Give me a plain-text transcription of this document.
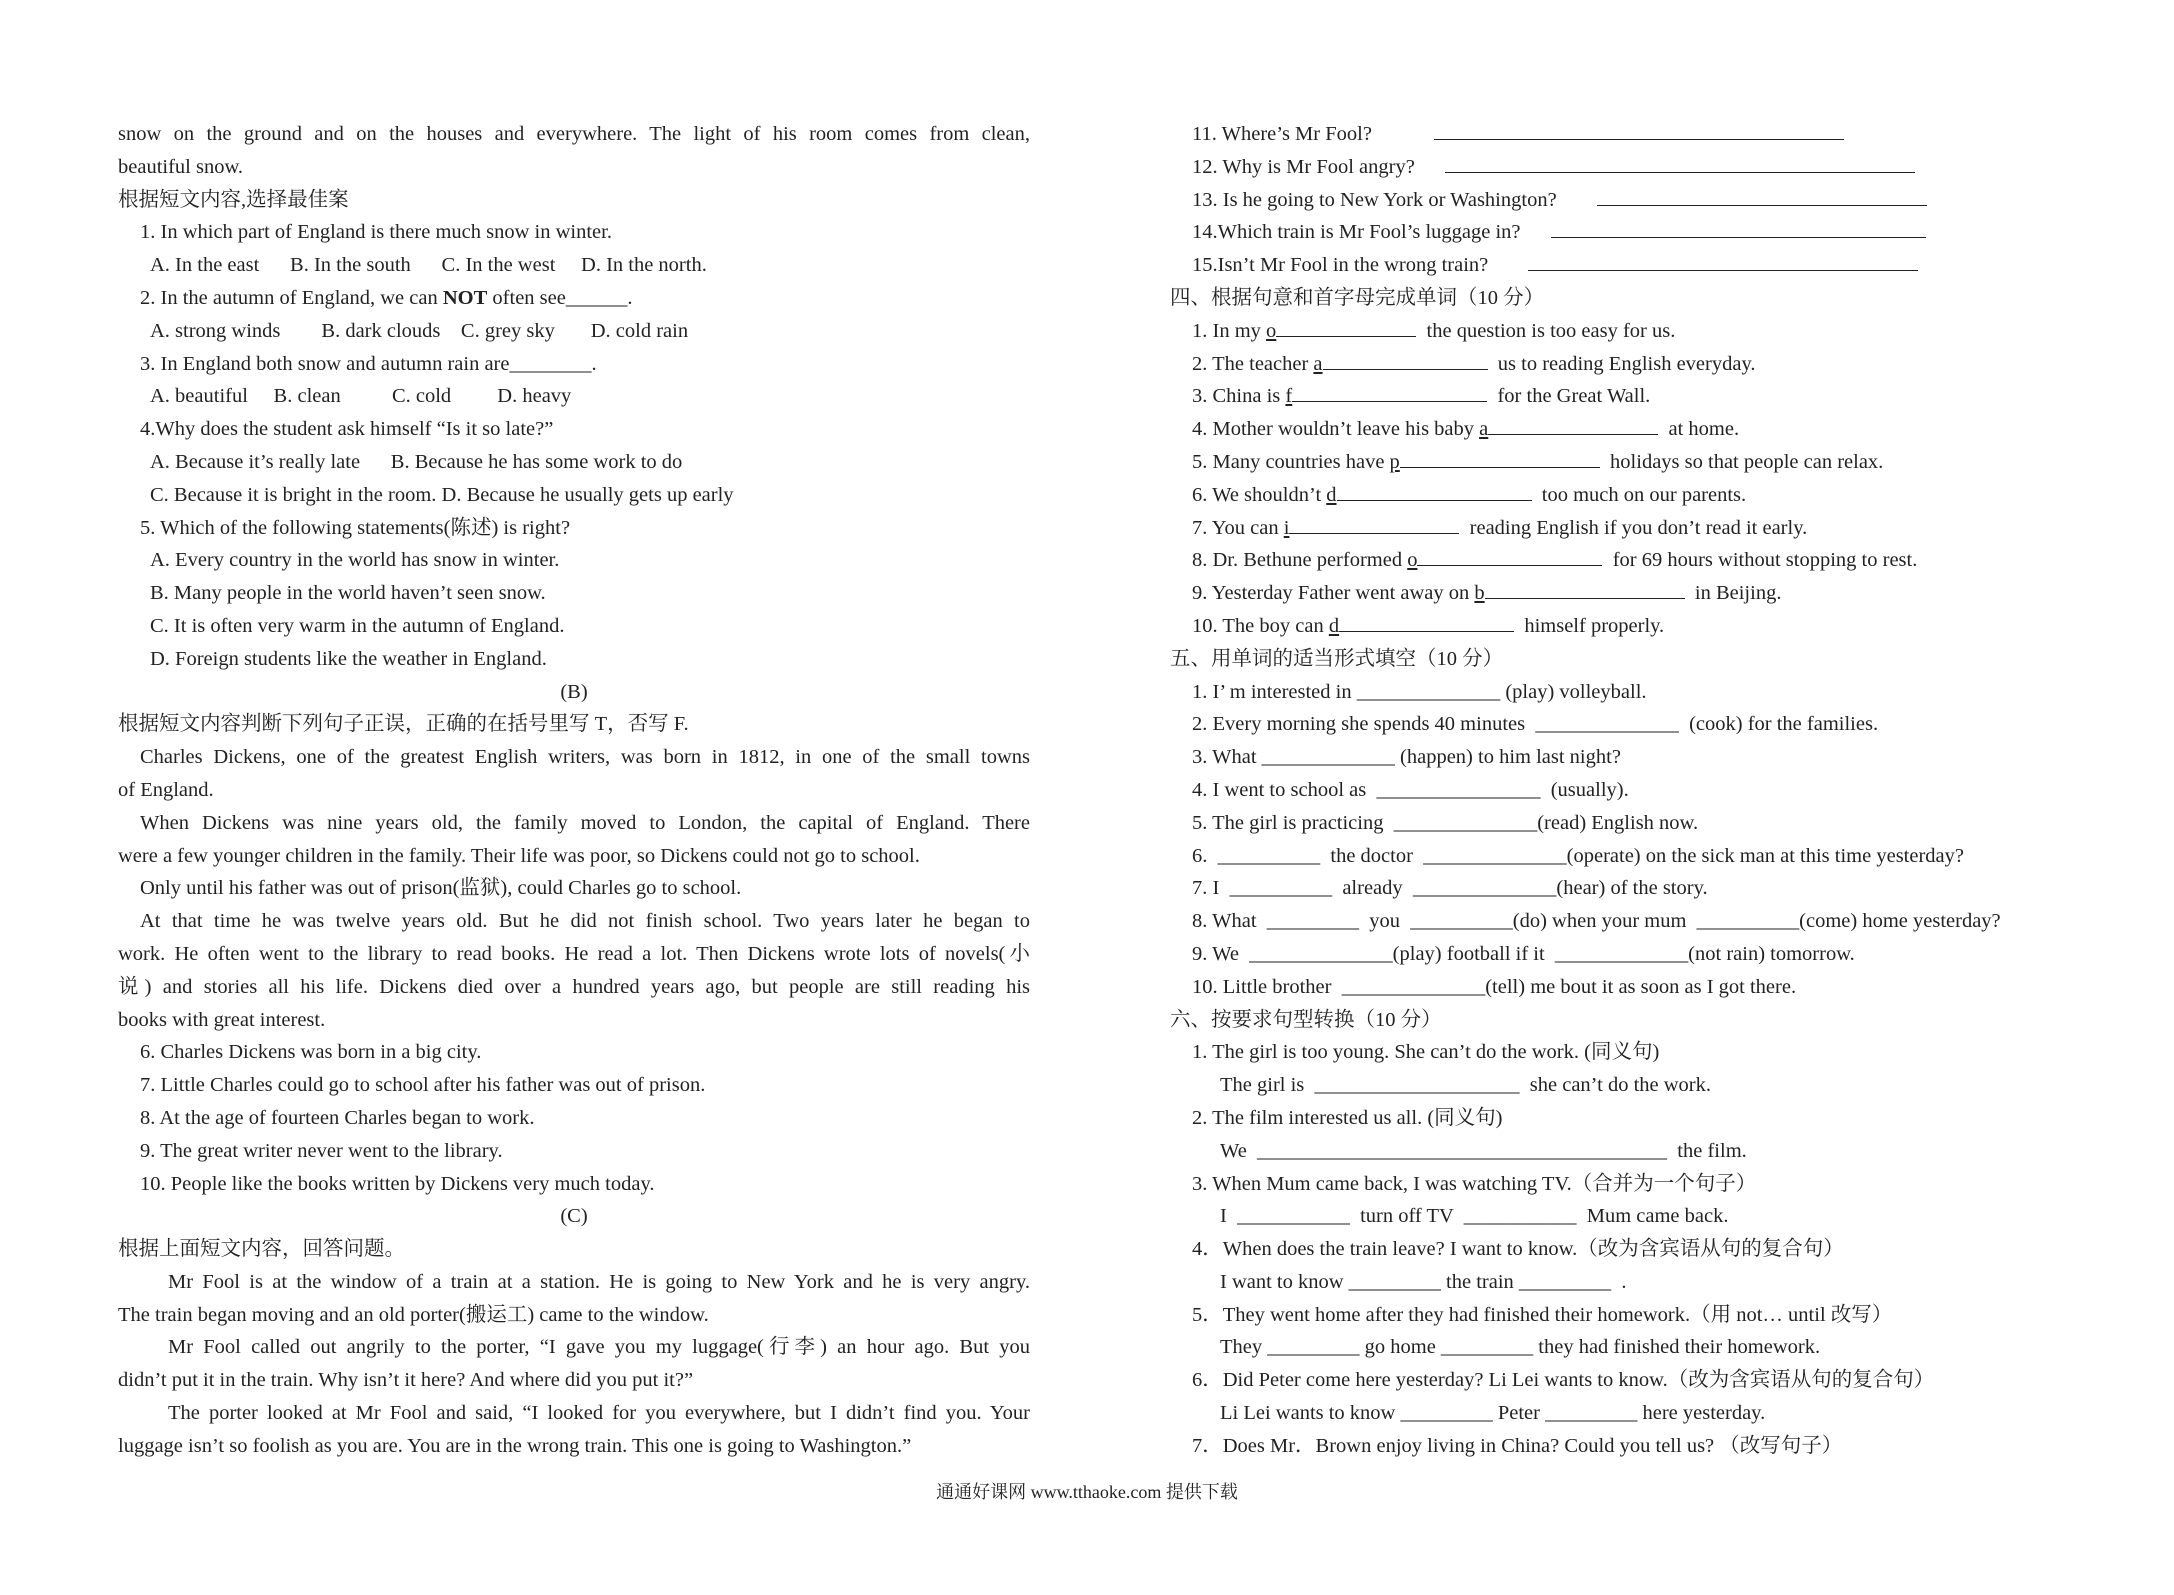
snow on the ground and on the houses and everywhere. The light of his room comes from clean,
beautiful snow.
根据短文内容,选择最佳案
1. In which part of England is there much snow in winter.
A. In the east      B. In the south      C. In the west     D. In the north.
2. In the autumn of England, we can NOT often see______.
A. strong winds        B. dark clouds    C. grey sky       D. cold rain
3. In England both snow and autumn rain are________.
A. beautiful     B. clean          C. cold         D. heavy
4.Why does the student ask himself “Is it so late?”
A. Because it’s really late      B. Because he has some work to do
C. Because it is bright in the room. D. Because he usually gets up early
5. Which of the following statements(陈述) is right?
A. Every country in the world has snow in winter.
B. Many people in the world haven’t seen snow.
C. It is often very warm in the autumn of England.
D. Foreign students like the weather in England.
(B)
根据短文内容判断下列句子正误，正确的在括号里写 T，否写 F.
Charles Dickens, one of the greatest English writers, was born in 1812, in one of the small towns
of England.
When Dickens was nine years old, the family moved to London, the capital of England. There
were a few younger children in the family. Their life was poor, so Dickens could not go to school.
Only until his father was out of prison(监狱), could Charles go to school.
At that time he was twelve years old. But he did not finish school. Two years later he began to
work. He often went to the library to read books. He read a lot. Then Dickens wrote lots of novels(小
说) and stories all his life. Dickens died over a hundred years ago, but people are still reading his
books with great interest.
6. Charles Dickens was born in a big city.
7. Little Charles could go to school after his father was out of prison.
8. At the age of fourteen Charles began to work.
9. The great writer never went to the library.
10. People like the books written by Dickens very much today.
(C)
根据上面短文内容，回答问题。
Mr Fool is at the window of a train at a station. He is going to New York and he is very angry.
The train began moving and an old porter(搬运工) came to the window.
Mr Fool called out angrily to the porter, “I gave you my luggage(行李) an hour ago. But you
didn’t put it in the train. Why isn’t it here? And where did you put it?”
The porter looked at Mr Fool and said, “I looked for you everywhere, but I didn’t find you. Your
luggage isn’t so foolish as you are. You are in the wrong train. This one is going to Washington.”
11. Where’s Mr Fool?
12. Why is Mr Fool angry?
13. Is he going to New York or Washington?
14.Which train is Mr Fool’s luggage in?
15.Isn’t Mr Fool in the wrong train?
四、根据句意和首字母完成单词（10 分）
1. In my o	the question is too easy for us.
2. The teacher a	us to reading English everyday.
3. China is f	for the Great Wall.
4. Mother wouldn’t leave his baby a	at home.
5. Many countries have p	holidays so that people can relax.
6. We shouldn’t d	too much on our parents.
7. You can i	reading English if you don’t read it early.
8. Dr. Bethune performed o	for 69 hours without stopping to rest.
9. Yesterday Father went away on b	in Beijing.
10. The boy can d	himself properly.
五、用单词的适当形式填空（10 分）
1. I’ m interested in ______________ (play) volleyball.
2. Every morning she spends 40 minutes  ______________  (cook) for the families.
3. What _____________ (happen) to him last night?
4. I went to school as  ________________  (usually).
5. The girl is practicing  ______________(read) English now.
6.  __________  the doctor  ______________(operate) on the sick man at this time yesterday?
7. I  __________  already  ______________(hear) of the story.
8. What  _________  you  __________(do) when your mum  __________(come) home yesterday?
9. We  ______________(play) football if it  _____________(not rain) tomorrow.
10. Little brother  ______________(tell) me bout it as soon as I got there.
六、按要求句型转换（10 分）
1. The girl is too young. She can’t do the work. (同义句)
The girl is  ____________________  she can’t do the work.
2. The film interested us all. (同义句)
We  ________________________________________  the film.
3. When Mum came back, I was watching TV.（合并为一个句子）
I  ___________  turn off TV  ___________  Mum came back.
4．When does the train leave? I want to know.（改为含宾语从句的复合句）
I want to know _________ the train _________  .
5．They went home after they had finished their homework.（用 not… until 改写）
They _________ go home _________ they had finished their homework.
6．Did Peter come here yesterday? Li Lei wants to know.（改为含宾语从句的复合句）
Li Lei wants to know _________ Peter _________ here yesterday.
7．Does Mr．Brown enjoy living in China? Could you tell us? （改写句子）
通通好课网 www.tthaoke.com 提供下载
